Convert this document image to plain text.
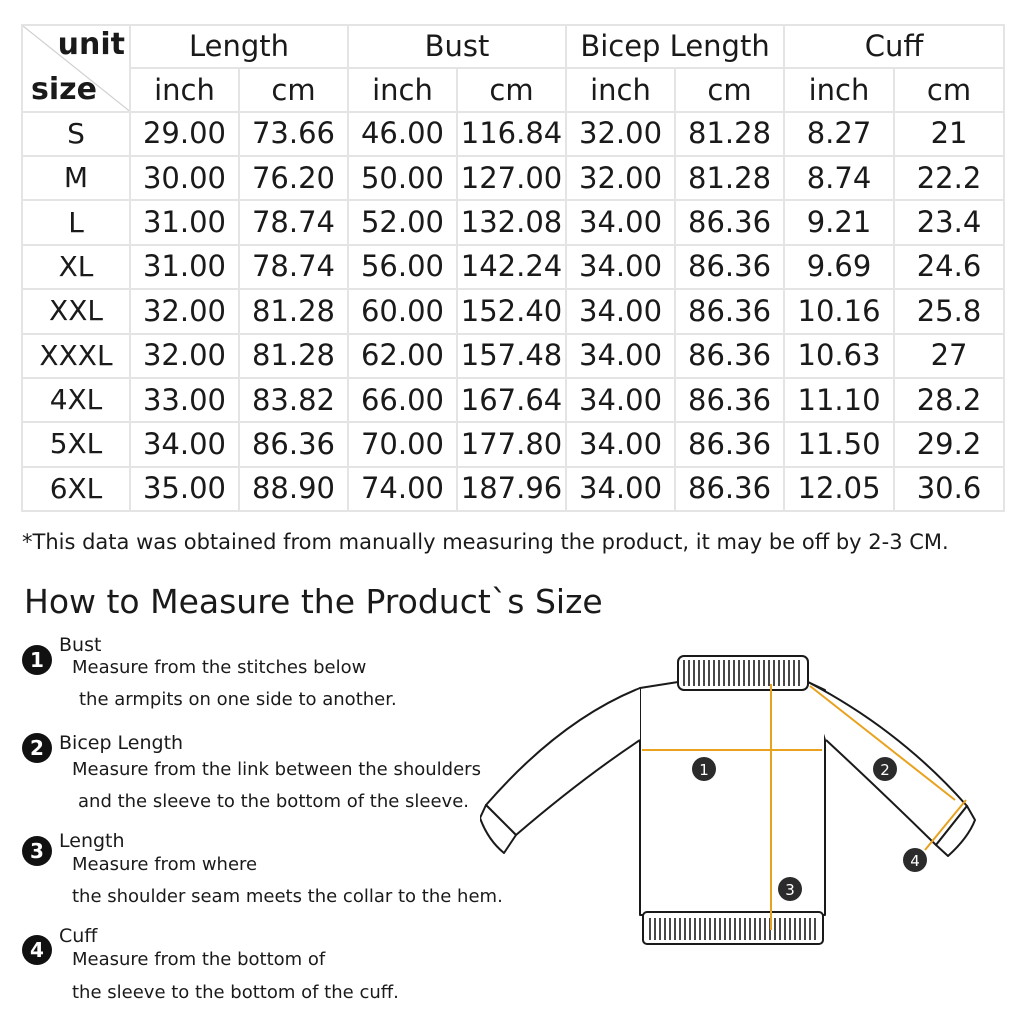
unit
size	Length		Bust		Bicep Length		Cuff	
	inch	cm	inch	cm	inch	cm	inch	cm
S	29.00	73.66	46.00	116.84	32.00	81.28	8.27	21
M	30.00	76.20	50.00	127.00	32.00	81.28	8.74	22.2
L	31.00	78.74	52.00	132.08	34.00	86.36	9.21	23.4
XL	31.00	78.74	56.00	142.24	34.00	86.36	9.69	24.6
XXL	32.00	81.28	60.00	152.40	34.00	86.36	10.16	25.8
XXXL	32.00	81.28	62.00	157.48	34.00	86.36	10.63	27
4XL	33.00	83.82	66.00	167.64	34.00	86.36	11.10	28.2
5XL	34.00	86.36	70.00	177.80	34.00	86.36	11.50	29.2
6XL	35.00	88.90	74.00	187.96	34.00	86.36	12.05	30.6
*This data was obtained from manually measuring the product, it may be off by 2-3 CM.
How to Measure the Product`s Size
1
Bust
Measure from the stitches below
the armpits on one side to another.
2 Bicep Length
Measure from the link between the shoulders
and the sleeve to the bottom of the sleeve.
3 Length
Measure from where
the shoulder seam meets the collar to the hem.
4
Cuff
Measure from the bottom of
the sleeve to the bottom of the cuff.
1	2
3
4
